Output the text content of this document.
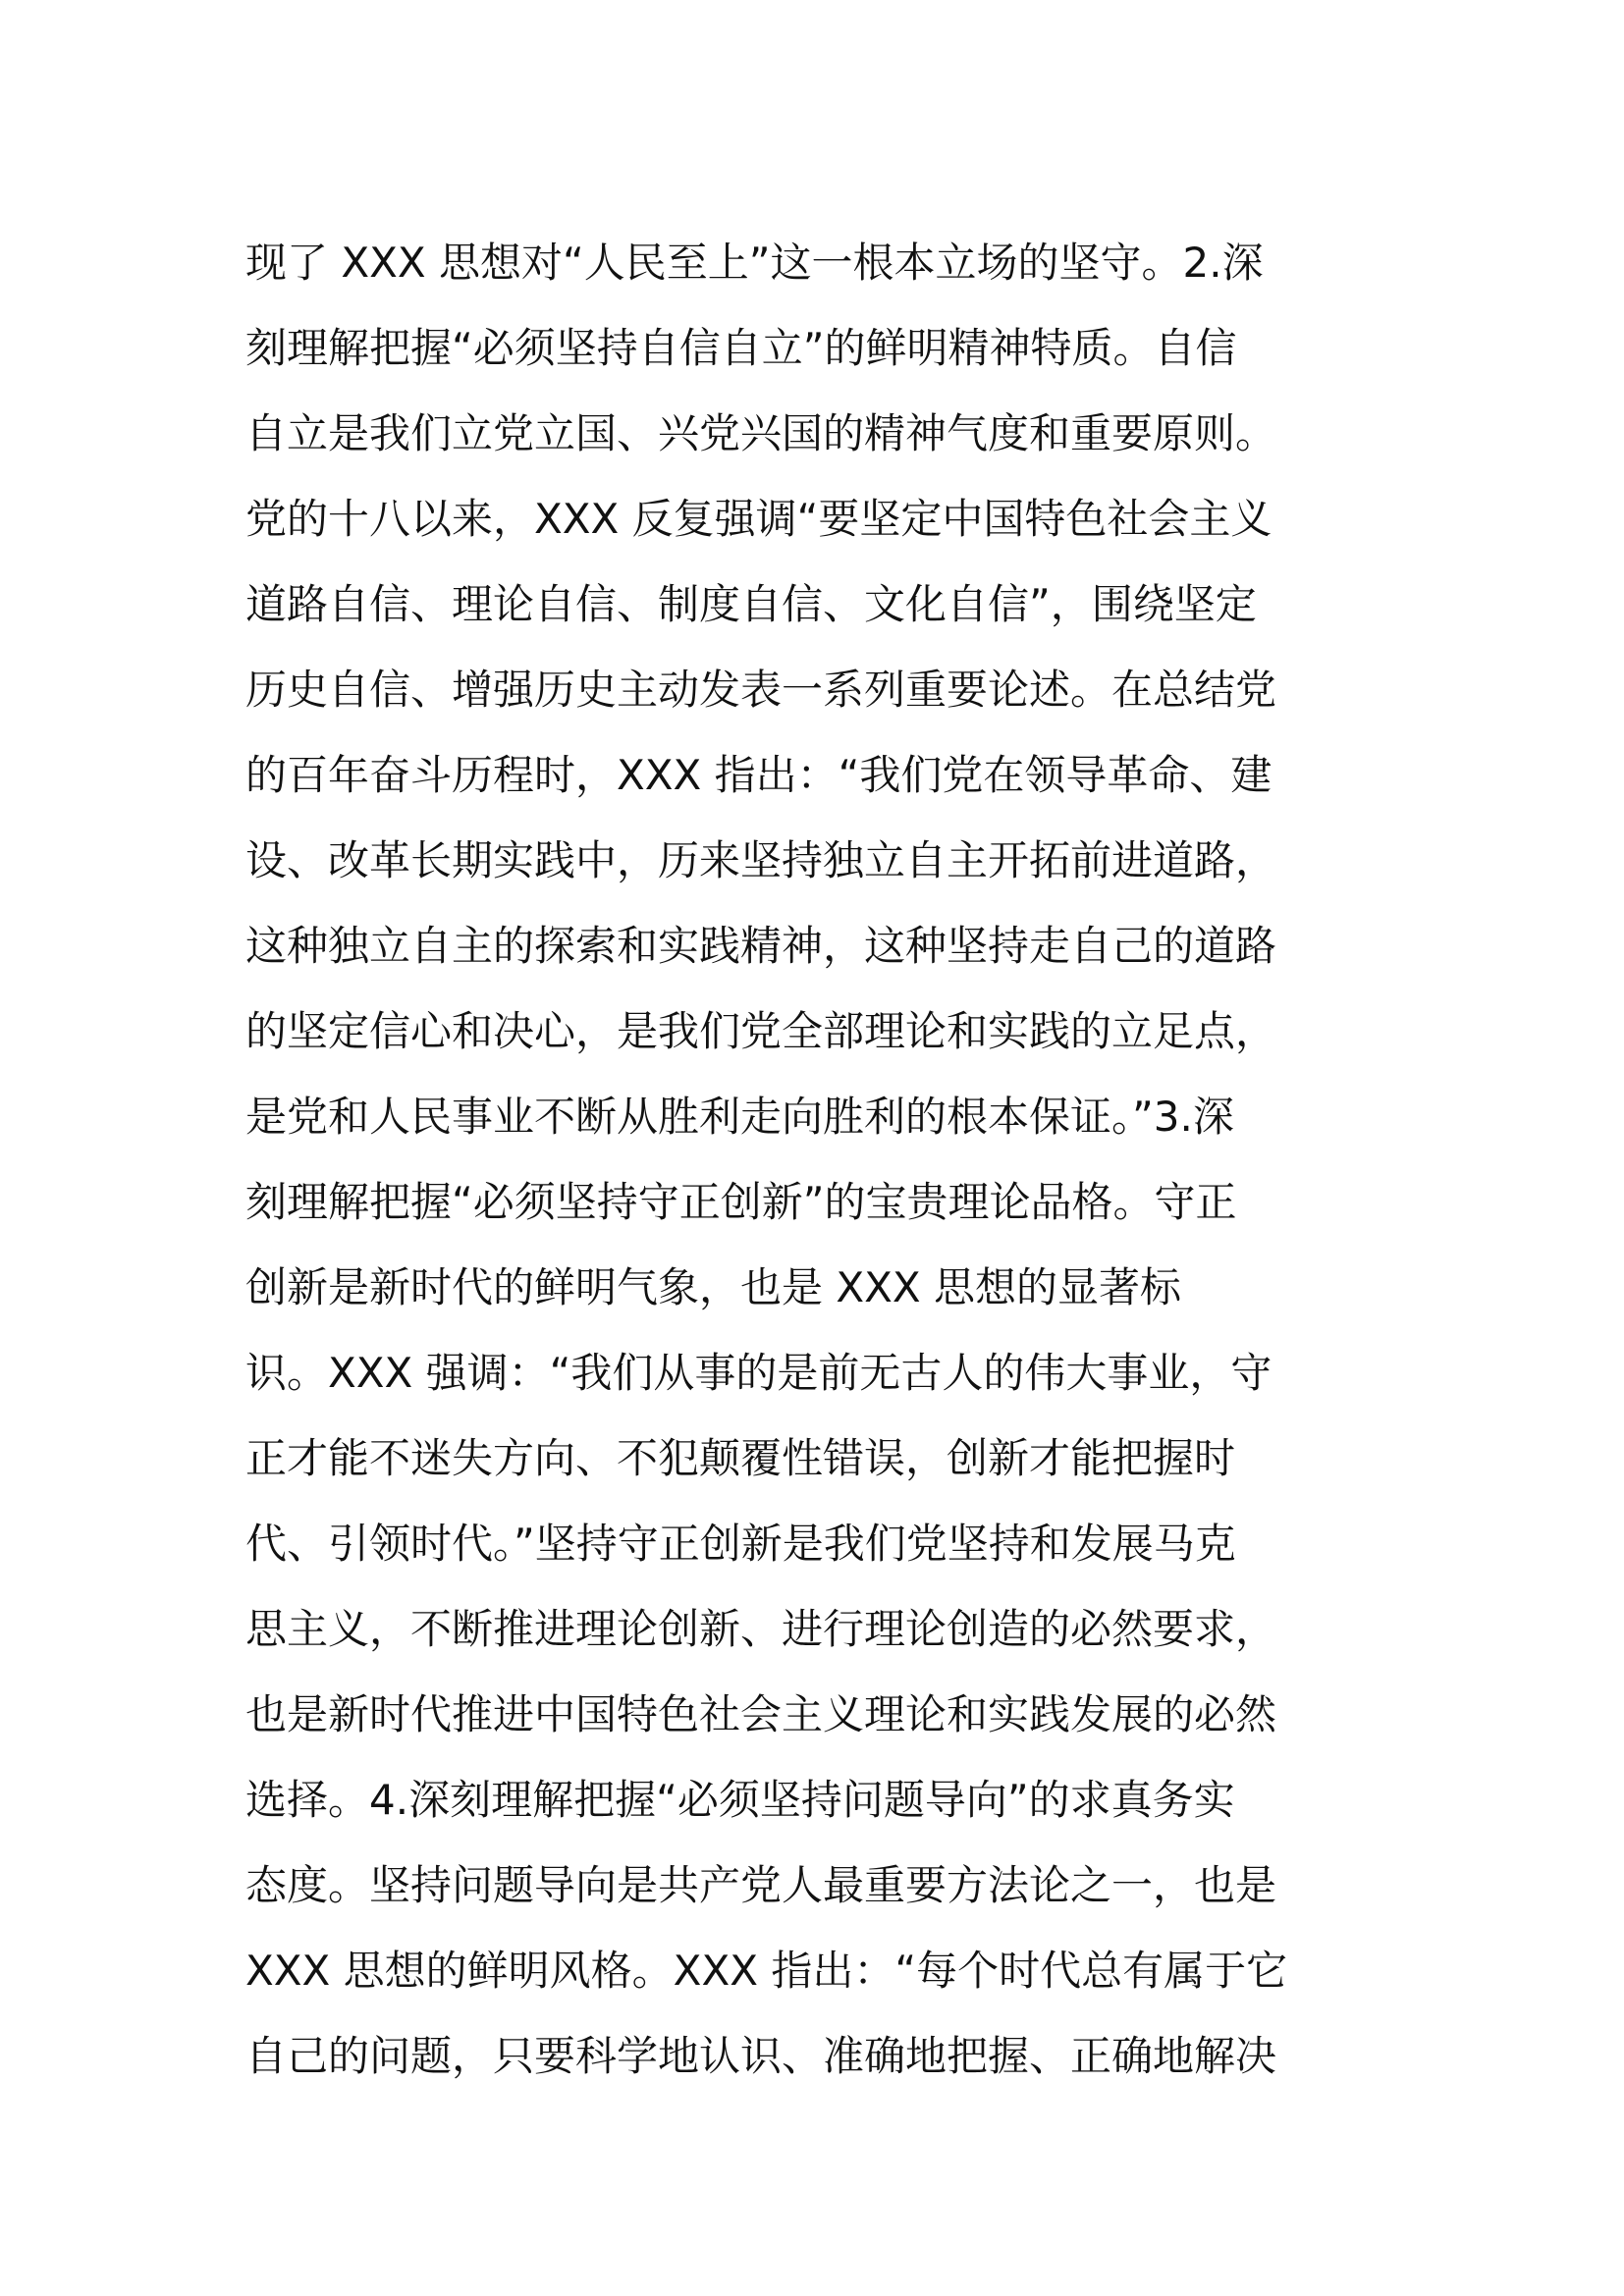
现了 XXX 思想对“人民至上”这一根本立场的坚守。2.深
刻理解把握“必须坚持自信自立”的鲜明精神特质。自信
自立是我们立党立国、兴党兴国的精神气度和重要原则。
党的十八以来，XXX 反复强调“要坚定中国特色社会主义
道路自信、理论自信、制度自信、文化自信”，围绕坚定
历史自信、增强历史主动发表一系列重要论述。在总结党
的百年奋斗历程时，XXX 指出：“我们党在领导革命、建
设、改革长期实践中，历来坚持独立自主开拓前进道路，
这种独立自主的探索和实践精神，这种坚持走自己的道路
的坚定信心和决心，是我们党全部理论和实践的立足点，
是党和人民事业不断从胜利走向胜利的根本保证。”3.深
刻理解把握“必须坚持守正创新”的宝贵理论品格。守正
创新是新时代的鲜明气象，也是 XXX 思想的显著标
识。XXX 强调：“我们从事的是前无古人的伟大事业，守
正才能不迷失方向、不犯颠覆性错误，创新才能把握时
代、引领时代。”坚持守正创新是我们党坚持和发展马克
思主义，不断推进理论创新、进行理论创造的必然要求，
也是新时代推进中国特色社会主义理论和实践发展的必然
选择。4.深刻理解把握“必须坚持问题导向”的求真务实
态度。坚持问题导向是共产党人最重要方法论之一，也是
XXX 思想的鲜明风格。XXX 指出：“每个时代总有属于它
自己的问题，只要科学地认识、准确地把握、正确地解决
